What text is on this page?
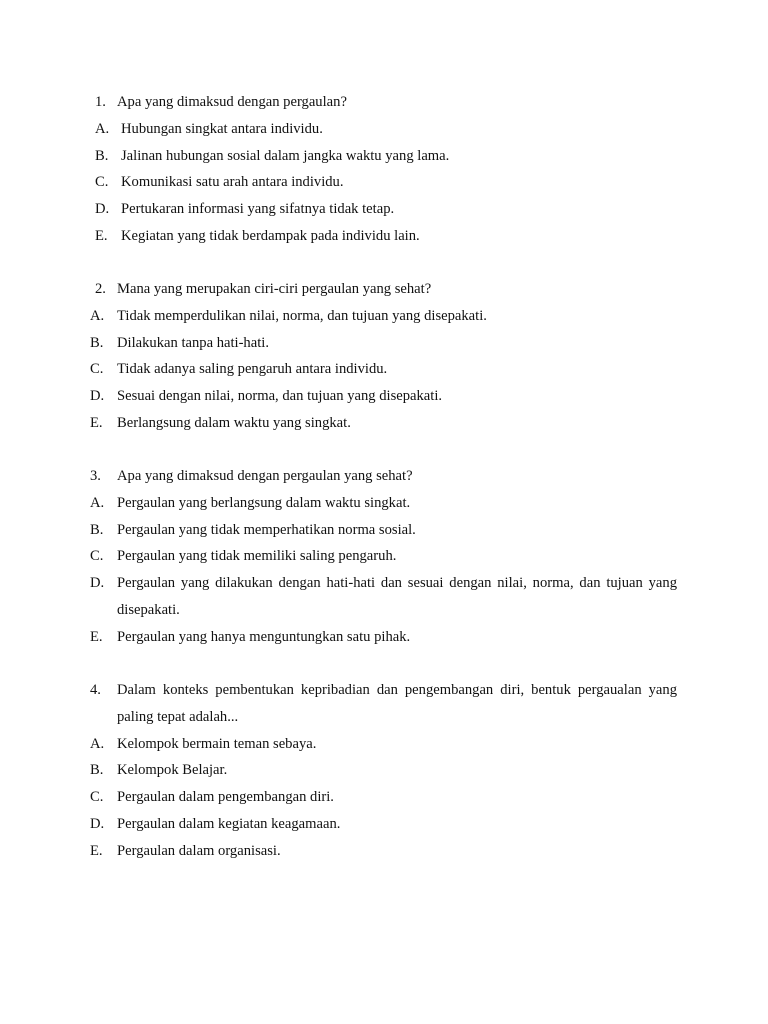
1. Apa yang dimaksud dengan pergaulan?
A. Hubungan singkat antara individu.
B. Jalinan hubungan sosial dalam jangka waktu yang lama.
C. Komunikasi satu arah antara individu.
D. Pertukaran informasi yang sifatnya tidak tetap.
E. Kegiatan yang tidak berdampak pada individu lain.
2. Mana yang merupakan ciri-ciri pergaulan yang sehat?
A. Tidak memperdulikan nilai, norma, dan tujuan yang disepakati.
B. Dilakukan tanpa hati-hati.
C. Tidak adanya saling pengaruh antara individu.
D. Sesuai dengan nilai, norma, dan tujuan yang disepakati.
E. Berlangsung dalam waktu yang singkat.
3.	Apa yang dimaksud dengan pergaulan yang sehat?
A. Pergaulan yang berlangsung dalam waktu singkat.
B. Pergaulan yang tidak memperhatikan norma sosial.
C. Pergaulan yang tidak memiliki saling pengaruh.
D. Pergaulan yang dilakukan dengan hati-hati dan sesuai dengan nilai, norma, dan tujuan yang disepakati.
E. Pergaulan yang hanya menguntungkan satu pihak.
4.	Dalam konteks pembentukan kepribadian dan pengembangan diri, bentuk pergaualan yang paling tepat adalah...
A. Kelompok bermain teman sebaya.
B. Kelompok Belajar.
C. Pergaulan dalam pengembangan diri.
D. Pergaulan dalam kegiatan keagamaan.
E. Pergaulan dalam organisasi.
